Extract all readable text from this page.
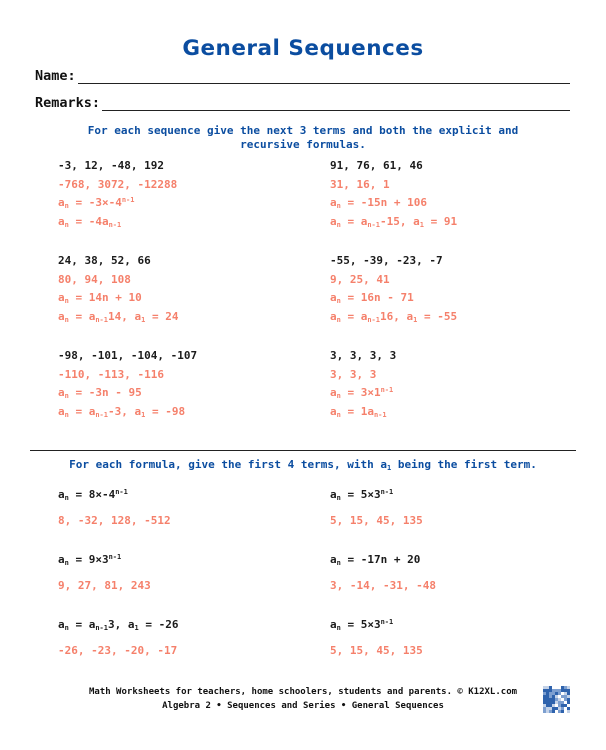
General Sequences
Name:
Remarks:
For each sequence give the next 3 terms and both the explicit and recursive formulas.
-3, 12, -48, 192
-768, 3072, -12288
$a_n = -3\times-4^{n-1}$
$a_n = -4a_{n-1}$
91, 76, 61, 46
31, 16, 1
$a_n = -15n + 106$
$a_n = a_{n-1}-15$, $a_1 = 91$
24, 38, 52, 66
80, 94, 108
$a_n = 14n + 10$
$a_n = a_{n-1}14$, $a_1 = 24$
-55, -39, -23, -7
9, 25, 41
$a_n = 16n - 71$
$a_n = a_{n-1}16$, $a_1 = -55$
-98, -101, -104, -107
-110, -113, -116
$a_n = -3n - 95$
$a_n = a_{n-1}-3$, $a_1 = -98$
3, 3, 3, 3
3, 3, 3
$a_n = 3\times 1^{n-1}$
$a_n = 1a_{n-1}$
For each formula, give the first 4 terms, with $a_1$ being the first term.
$a_n = 8\times-4^{n-1}$
8, -32, 128, -512
$a_n = 5\times 3^{n-1}$
5, 15, 45, 135
$a_n = 9\times 3^{n-1}$
9, 27, 81, 243
$a_n = -17n + 20$
3, -14, -31, -48
$a_n = a_{n-1}3$, $a_1 = -26$
-26, -23, -20, -17
$a_n = 5\times 3^{n-1}$
5, 15, 45, 135
Math Worksheets for teachers, home schoolers, students and parents. © K12XL.com
Algebra 2 • Sequences and Series • General Sequences
